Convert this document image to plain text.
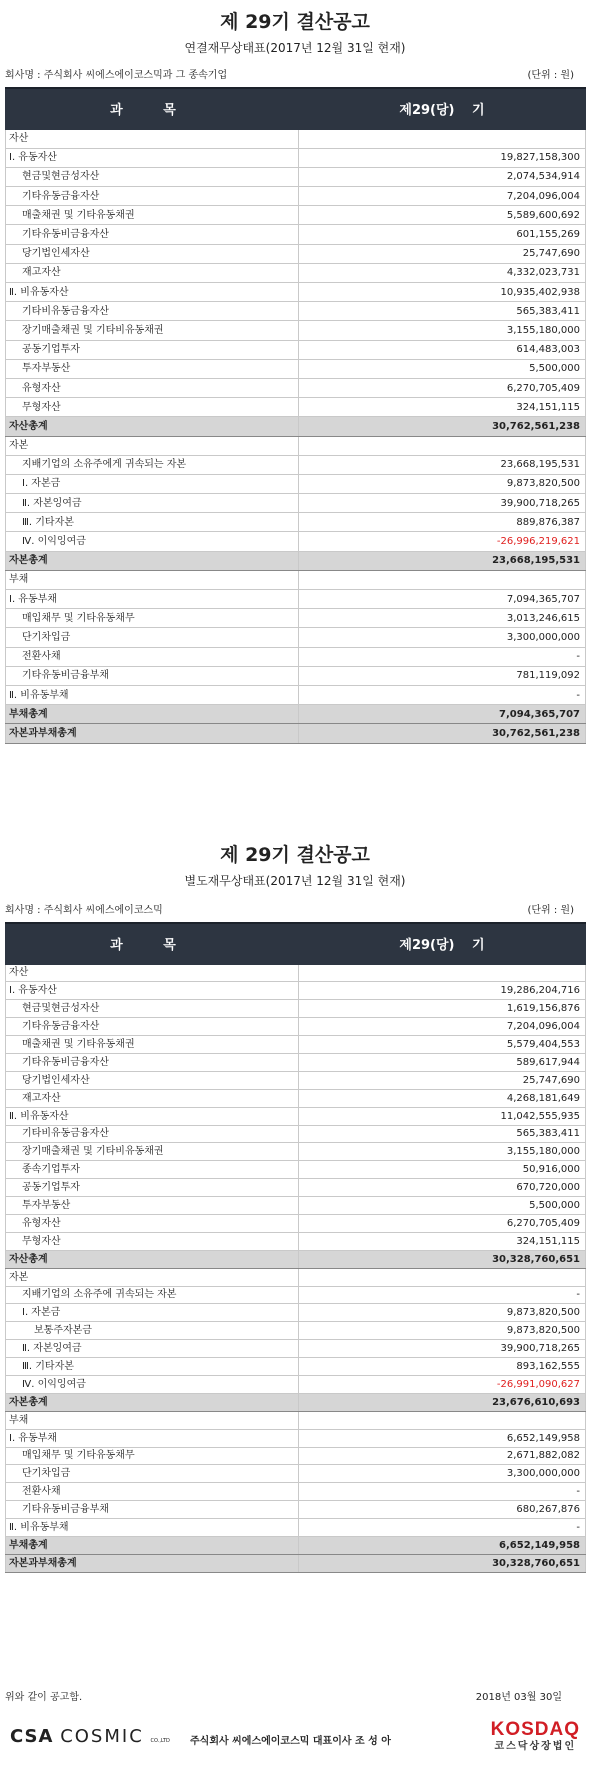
제 29기 결산공고
연결재무상태표(2017년 12월 31일 현재)
회사명 : 주식회사 씨에스에이코스믹과 그 종속기업	(단위 : 원)
과 목	제29(당)　 기
자산	
Ⅰ. 유동자산	19,827,158,300
현금및현금성자산	2,074,534,914
기타유동금융자산	7,204,096,004
매출채권 및 기타유동채권	5,589,600,692
기타유동비금융자산	601,155,269
당기법인세자산	25,747,690
재고자산	4,332,023,731
Ⅱ. 비유동자산	10,935,402,938
기타비유동금융자산	565,383,411
장기매출채권 및 기타비유동채권	3,155,180,000
공동기업투자	614,483,003
투자부동산	5,500,000
유형자산	6,270,705,409
무형자산	324,151,115
자산총계	30,762,561,238
자본	
지배기업의 소유주에게 귀속되는 자본	23,668,195,531
Ⅰ. 자본금	9,873,820,500
Ⅱ. 자본잉여금	39,900,718,265
Ⅲ. 기타자본	889,876,387
Ⅳ. 이익잉여금	-26,996,219,621
자본총계	23,668,195,531
부채	
Ⅰ. 유동부채	7,094,365,707
매입채무 및 기타유동채무	3,013,246,615
단기차입금	3,300,000,000
전환사채	-
기타유동비금융부채	781,119,092
Ⅱ. 비유동부채	-
부채총계	7,094,365,707
자본과부채총계	30,762,561,238
제 29기 결산공고
별도재무상태표(2017년 12월 31일 현재)
회사명 : 주식회사 씨에스에이코스믹	(단위 : 원)
과 목	제29(당)　 기
자산	
Ⅰ. 유동자산	19,286,204,716
현금및현금성자산	1,619,156,876
기타유동금융자산	7,204,096,004
매출채권 및 기타유동채권	5,579,404,553
기타유동비금융자산	589,617,944
당기법인세자산	25,747,690
재고자산	4,268,181,649
Ⅱ. 비유동자산	11,042,555,935
기타비유동금융자산	565,383,411
장기매출채권 및 기타비유동채권	3,155,180,000
종속기업투자	50,916,000
공동기업투자	670,720,000
투자부동산	5,500,000
유형자산	6,270,705,409
무형자산	324,151,115
자산총계	30,328,760,651
자본	
지배기업의 소유주에 귀속되는 자본	-
Ⅰ. 자본금	9,873,820,500
보통주자본금	9,873,820,500
Ⅱ. 자본잉여금	39,900,718,265
Ⅲ. 기타자본	893,162,555
Ⅳ. 이익잉여금	-26,991,090,627
자본총계	23,676,610,693
부채	
Ⅰ. 유동부채	6,652,149,958
매입채무 및 기타유동채무	2,671,882,082
단기차입금	3,300,000,000
전환사채	-
기타유동비금융부채	680,267,876
Ⅱ. 비유동부채	-
부채총계	6,652,149,958
자본과부채총계	30,328,760,651
위와 같이 공고함.	2018년 03월 30일
CSA COSMIC CO.,LTD 주식회사 씨에스에이코스믹 대표이사 조 성 아
KOSDAQ
코스닥상장법인
